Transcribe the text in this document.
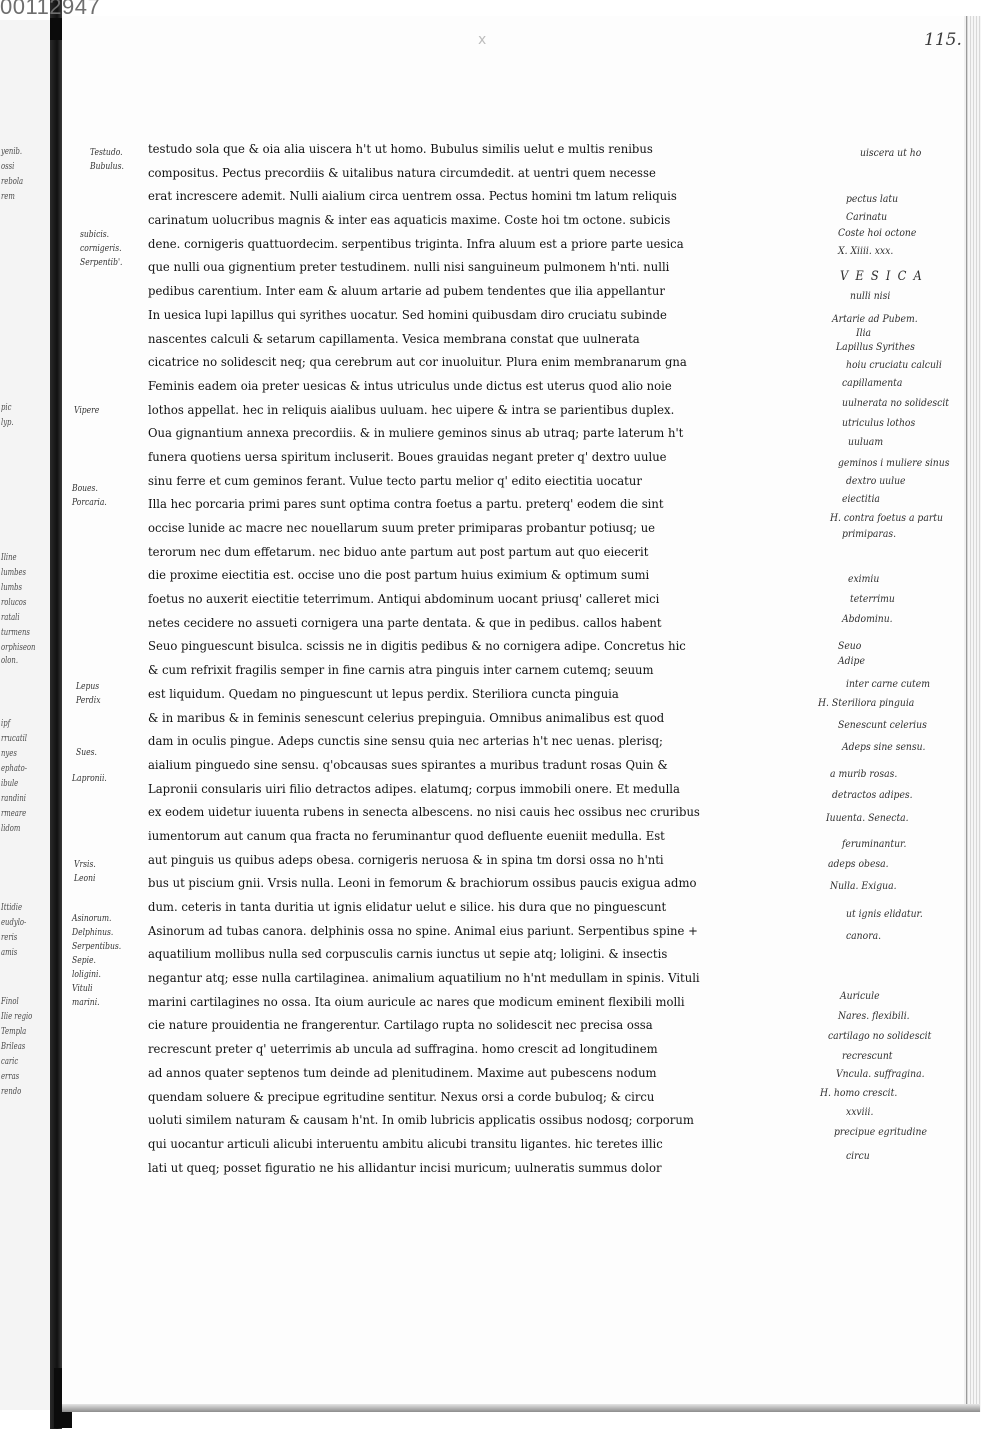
yenib.
ossi
rebola
rem
pic
lyp.
Iline
lumbes
lumbs
rolucos
ratali
turmens
orphiseon
olon.
ipf
rrucatil
nyes
ephato-
ibule
randini
rmeare
lidom
Ittidie
eudylo-
reris
amis
Finol
Ilie regio
Templa
Brileas
caric
erras
rendo
00112947
x	115.
Testudo.
Bubulus.
subicis.
cornigeris.
Serpentib'.
Vipere
Boues.
Porcaria.
Lepus
Perdix
Sues.
Lapronii.
Vrsis. Leoni
Asinorum.
Delphinus.
Serpentibus.
Sepie. loligini.
Vituli marini.
testudo sola que & oia alia uiscera h't ut homo. Bubulus similis uelut e multis renibus
compositus. Pectus precordiis & uitalibus natura circumdedit. at uentri quem necesse
erat increscere ademit. Nulli aialium circa uentrem ossa. Pectus homini tm latum reliquis
carinatum uolucribus magnis & inter eas aquaticis maxime. Coste hoi tm octone. subicis
dene. cornigeris quattuordecim. serpentibus triginta. Infra aluum est a priore parte uesica
que nulli oua gignentium preter testudinem. nulli nisi sanguineum pulmonem h'nti. nulli
pedibus carentium. Inter eam & aluum artarie ad pubem tendentes que ilia appellantur
In uesica lupi lapillus qui syrithes uocatur. Sed homini quibusdam diro cruciatu subinde
nascentes calculi & setarum capillamenta. Vesica membrana constat que uulnerata
cicatrice no solidescit neq; qua cerebrum aut cor inuoluitur. Plura enim membranarum gna
Feminis eadem oia preter uesicas & intus utriculus unde dictus est uterus quod alio noie
lothos appellat. hec in reliquis aialibus uuluam. hec uipere & intra se parientibus duplex.
Oua gignantium annexa precordiis. & in muliere geminos sinus ab utraq; parte laterum h't
funera quotiens uersa spiritum incluserit. Boues grauidas negant preter q' dextro uulue
sinu ferre et cum geminos ferant. Vulue tecto partu melior q' edito eiectitia uocatur
Illa hec porcaria primi pares sunt optima contra foetus a partu. preterq' eodem die sint
occise lunide ac macre nec nouellarum suum preter primiparas probantur potiusq; ue
terorum nec dum effetarum. nec biduo ante partum aut post partum aut quo eiecerit
die proxime eiectitia est. occise uno die post partum huius eximium & optimum sumi
foetus no auxerit eiectitie teterrimum. Antiqui abdominum uocant priusq' calleret mici
netes cecidere no assueti cornigera una parte dentata. & que in pedibus. callos habent
Seuo pinguescunt bisulca. scissis ne in digitis pedibus & no cornigera adipe. Concretus hic
& cum refrixit fragilis semper in fine carnis atra pinguis inter carnem cutemq; seuum
est liquidum. Quedam no pinguescunt ut lepus perdix. Steriliora cuncta pinguia
& in maribus & in feminis senescunt celerius prepinguia. Omnibus animalibus est quod
dam in oculis pingue. Adeps cunctis sine sensu quia nec arterias h't nec uenas. plerisq;
aialium pinguedo sine sensu. q'obcausas sues spirantes a muribus tradunt rosas Quin &
Lapronii consularis uiri filio detractos adipes. elatumq; corpus immobili onere. Et medulla
ex eodem uidetur iuuenta rubens in senecta albescens. no nisi cauis hec ossibus nec cruribus
iumentorum aut canum qua fracta no feruminantur quod defluente eueniit medulla. Est
aut pinguis us quibus adeps obesa. cornigeris neruosa & in spina tm dorsi ossa no h'nti
bus ut piscium gnii. Vrsis nulla. Leoni in femorum & brachiorum ossibus paucis exigua admo
dum. ceteris in tanta duritia ut ignis elidatur uelut e silice. his dura que no pinguescunt
Asinorum ad tubas canora. delphinis ossa no spine. Animal eius pariunt. Serpentibus spine +
aquatilium mollibus nulla sed corpusculis carnis iunctus ut sepie atq; loligini. & insectis
negantur atq; esse nulla cartilaginea. animalium aquatilium no h'nt medullam in spinis. Vituli
marini cartilagines no ossa. Ita oium auricule ac nares que modicum eminent flexibili molli
cie nature prouidentia ne frangerentur. Cartilago rupta no solidescit nec precisa ossa
recrescunt preter q' ueterrimis ab uncula ad suffragina. homo crescit ad longitudinem
ad annos quater septenos tum deinde ad plenitudinem. Maxime aut pubescens nodum
quendam soluere & precipue egritudine sentitur. Nexus orsi a corde bubuloq; & circu
uoluti similem naturam & causam h'nt. In omib lubricis applicatis ossibus nodosq; corporum
qui uocantur articuli alicubi interuentu ambitu alicubi transitu ligantes. hic teretes illic
lati ut queq; posset figuratio ne his allidantur incisi muricum; uulneratis summus dolor
uiscera ut ho
pectus latu
Carinatu
Coste hoi octone
X. Xiiii. xxx.
V E S I C A
nulli nisi
Artarie ad Pubem.
Ilia
Lapillus Syrithes
hoiu cruciatu calculi
capillamenta
uulnerata no solidescit
utriculus lothos
uuluam
geminos i muliere sinus
dextro uulue
eiectitia
H. contra foetus a partu
primiparas.
eximiu
teterrimu
Abdominu.
Seuo
Adipe
inter carne cutem
H. Steriliora pinguia
Senescunt celerius
Adeps sine sensu.
a murib rosas.
detractos adipes.
Iuuenta. Senecta.
feruminantur.
adeps obesa.
Nulla. Exigua.
ut ignis elidatur.
canora.
Auricule
Nares. flexibili.
cartilago no solidescit
recrescunt
Vncula. suffragina.
H. homo crescit.
xxviii.
precipue egritudine
circu
